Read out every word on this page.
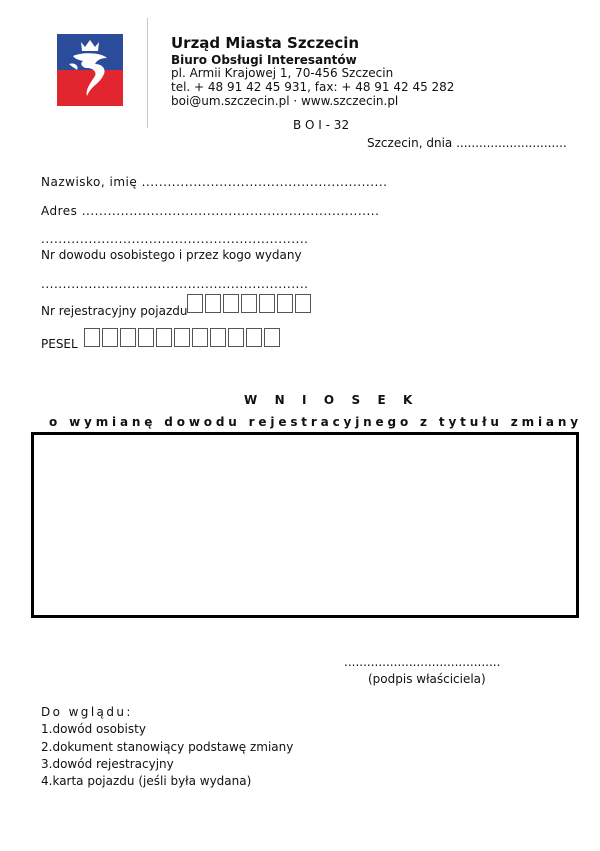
Urząd Miasta Szczecin
Biuro Obsługi Interesantów
pl. Armii Krajowej 1, 70-456 Szczecin
tel. + 48 91 42 45 931, fax: + 48 91 42 45 282
boi@um.szczecin.pl · www.szczecin.pl
B O I - 32
Szczecin, dnia .............................
Nazwisko, imię .........................................................
Adres .....................................................................
..............................................................
Nr dowodu osobistego i przez kogo wydany
..............................................................
Nr rejestracyjny pojazdu
PESEL
W N I O S E K
o wymianę dowodu rejestracyjnego z tytułu zmiany
.........................................
(podpis właściciela)
Do wglądu:
1.dowód osobisty
2.dokument stanowiący podstawę zmiany
3.dowód rejestracyjny
4.karta pojazdu (jeśli była wydana)
